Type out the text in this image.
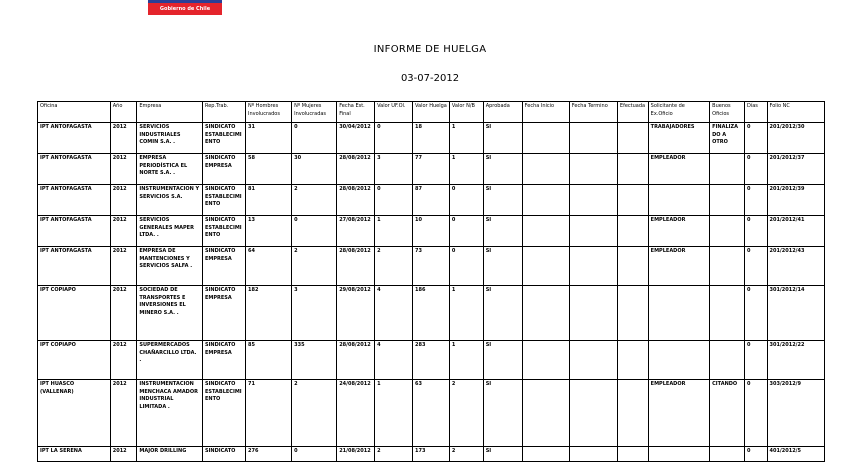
Gobierno de Chile
INFORME DE HUELGA
03-07-2012
Oficina	Año	Empresa	Rep.Trab.	Nº Hombres Involucrados	Nº Mujeres Involucradas	Fecha Est. Final	Valor UF.Ol.	Valor Huelga	Valor N/B	Aprobada	Fecha Inicio	Fecha Termino	Efectuada	Solicitante de Ex.Oficio	Buenos Oficios	Días	Folio NC
IPT ANTOFAGASTA	2012	SERVICIOS INDUSTRIALES COMIN S.A. .	SINDICATO ESTABLECIMIENTO	31	0	30/04/2012	0	18	1	SI				TRABAJADORES	FINALIZADO A OTRO	0	201/2012/30
IPT ANTOFAGASTA	2012	EMPRESA PERIODÍSTICA EL NORTE S.A. .	SINDICATO EMPRESA	58	30	28/08/2012	3	77	1	SI				EMPLEADOR		0	201/2012/37
IPT ANTOFAGASTA	2012	INSTRUMENTACION Y SERVICIOS S.A.	SINDICATO ESTABLECIMIENTO	81	2	28/08/2012	0	87	0	SI						0	201/2012/39
IPT ANTOFAGASTA	2012	SERVICIOS GENERALES MAPER LTDA. .	SINDICATO ESTABLECIMIENTO	13	0	27/08/2012	1	10	0	SI				EMPLEADOR		0	201/2012/41
IPT ANTOFAGASTA	2012	EMPRESA DE MANTENCIONES Y SERVICIOS SALFA .	SINDICATO EMPRESA	64	2	28/08/2012	2	73	0	SI				EMPLEADOR		0	201/2012/43
IPT COPIAPO	2012	SOCIEDAD DE TRANSPORTES E INVERSIONES EL MINERO S.A. .	SINDICATO EMPRESA	182	3	29/08/2012	4	186	1	SI						0	301/2012/14
IPT COPIAPO	2012	SUPERMERCADOS CHAÑARCILLO LTDA. .	SINDICATO EMPRESA	85	335	28/08/2012	4	283	1	SI						0	301/2012/22
IPT HUASCO (VALLENAR)	2012	INSTRUMENTACION MENCHACA AMADOR INDUSTRIAL LIMITADA .	SINDICATO ESTABLECIMIENTO	71	2	24/08/2012	1	63	2	SI				EMPLEADOR	CITANDO	0	303/2012/9
IPT LA SERENA	2012	MAJOR DRILLING	SINDICATO	276	0	21/08/2012	2	173	2	SI						0	401/2012/5
